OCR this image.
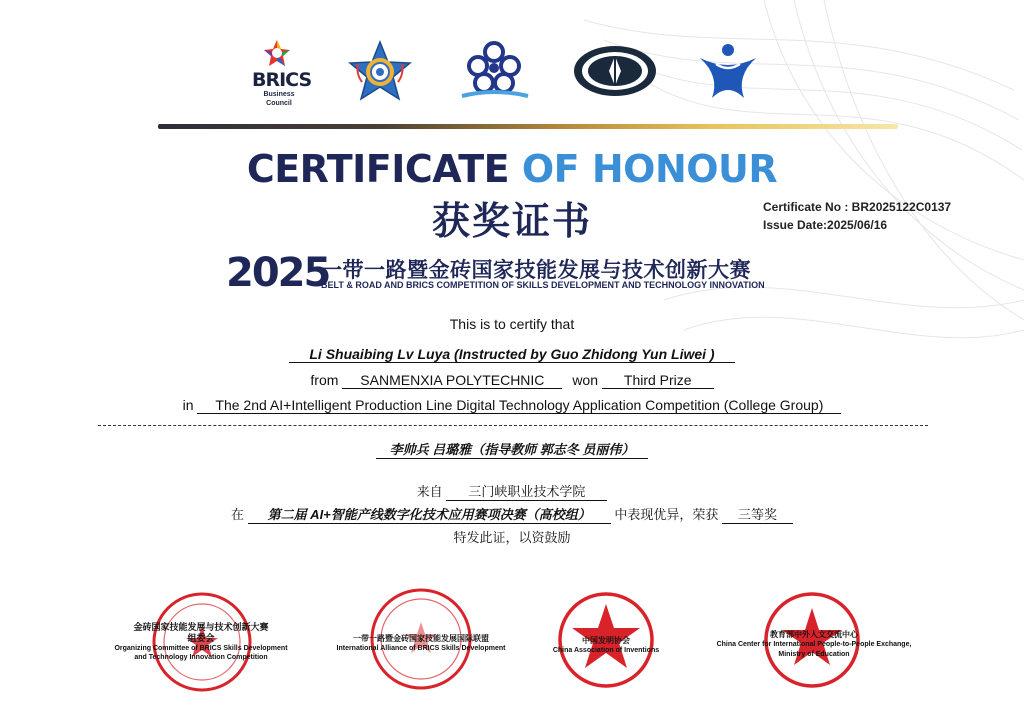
BRICS
Business Council
CERTIFICATE OF HONOUR
获奖证书	Certificate No : BR2025122C0137
Issue Date:2025/06/16
2025
一带一路暨金砖国家技能发展与技术创新大赛
BELT & ROAD AND BRICS COMPETITION OF SKILLS DEVELOPMENT AND TECHNOLOGY INNOVATION
This is to certify that
Li Shuaibing Lv Luya (Instructed by Guo Zhidong Yun Liwei )
from SANMENXIA POLYTECHNIC won Third Prize
in The 2nd AI+Intelligent Production Line Digital Technology Application Competition (College Group)
李帅兵 吕璐雅（指导教师 郭志冬 员丽伟）
来自 三门峡职业技术学院
在 第二届 AI+智能产线数字化技术应用赛项决赛（高校组） 中表现优异，荣获 三等奖
特发此证，以资鼓励
金砖国家技能发展与技术创新大赛
组委会
Organizing Committee of BRICS Skills Development
and Technology Innovation Competition
一带一路暨金砖国家技能发展国际联盟
International Alliance of BRICS Skills Development
中国发明协会
China Association of Inventions
教育部中外人文交流中心
China Center for International People-to-People Exchange,
Ministry of Education
